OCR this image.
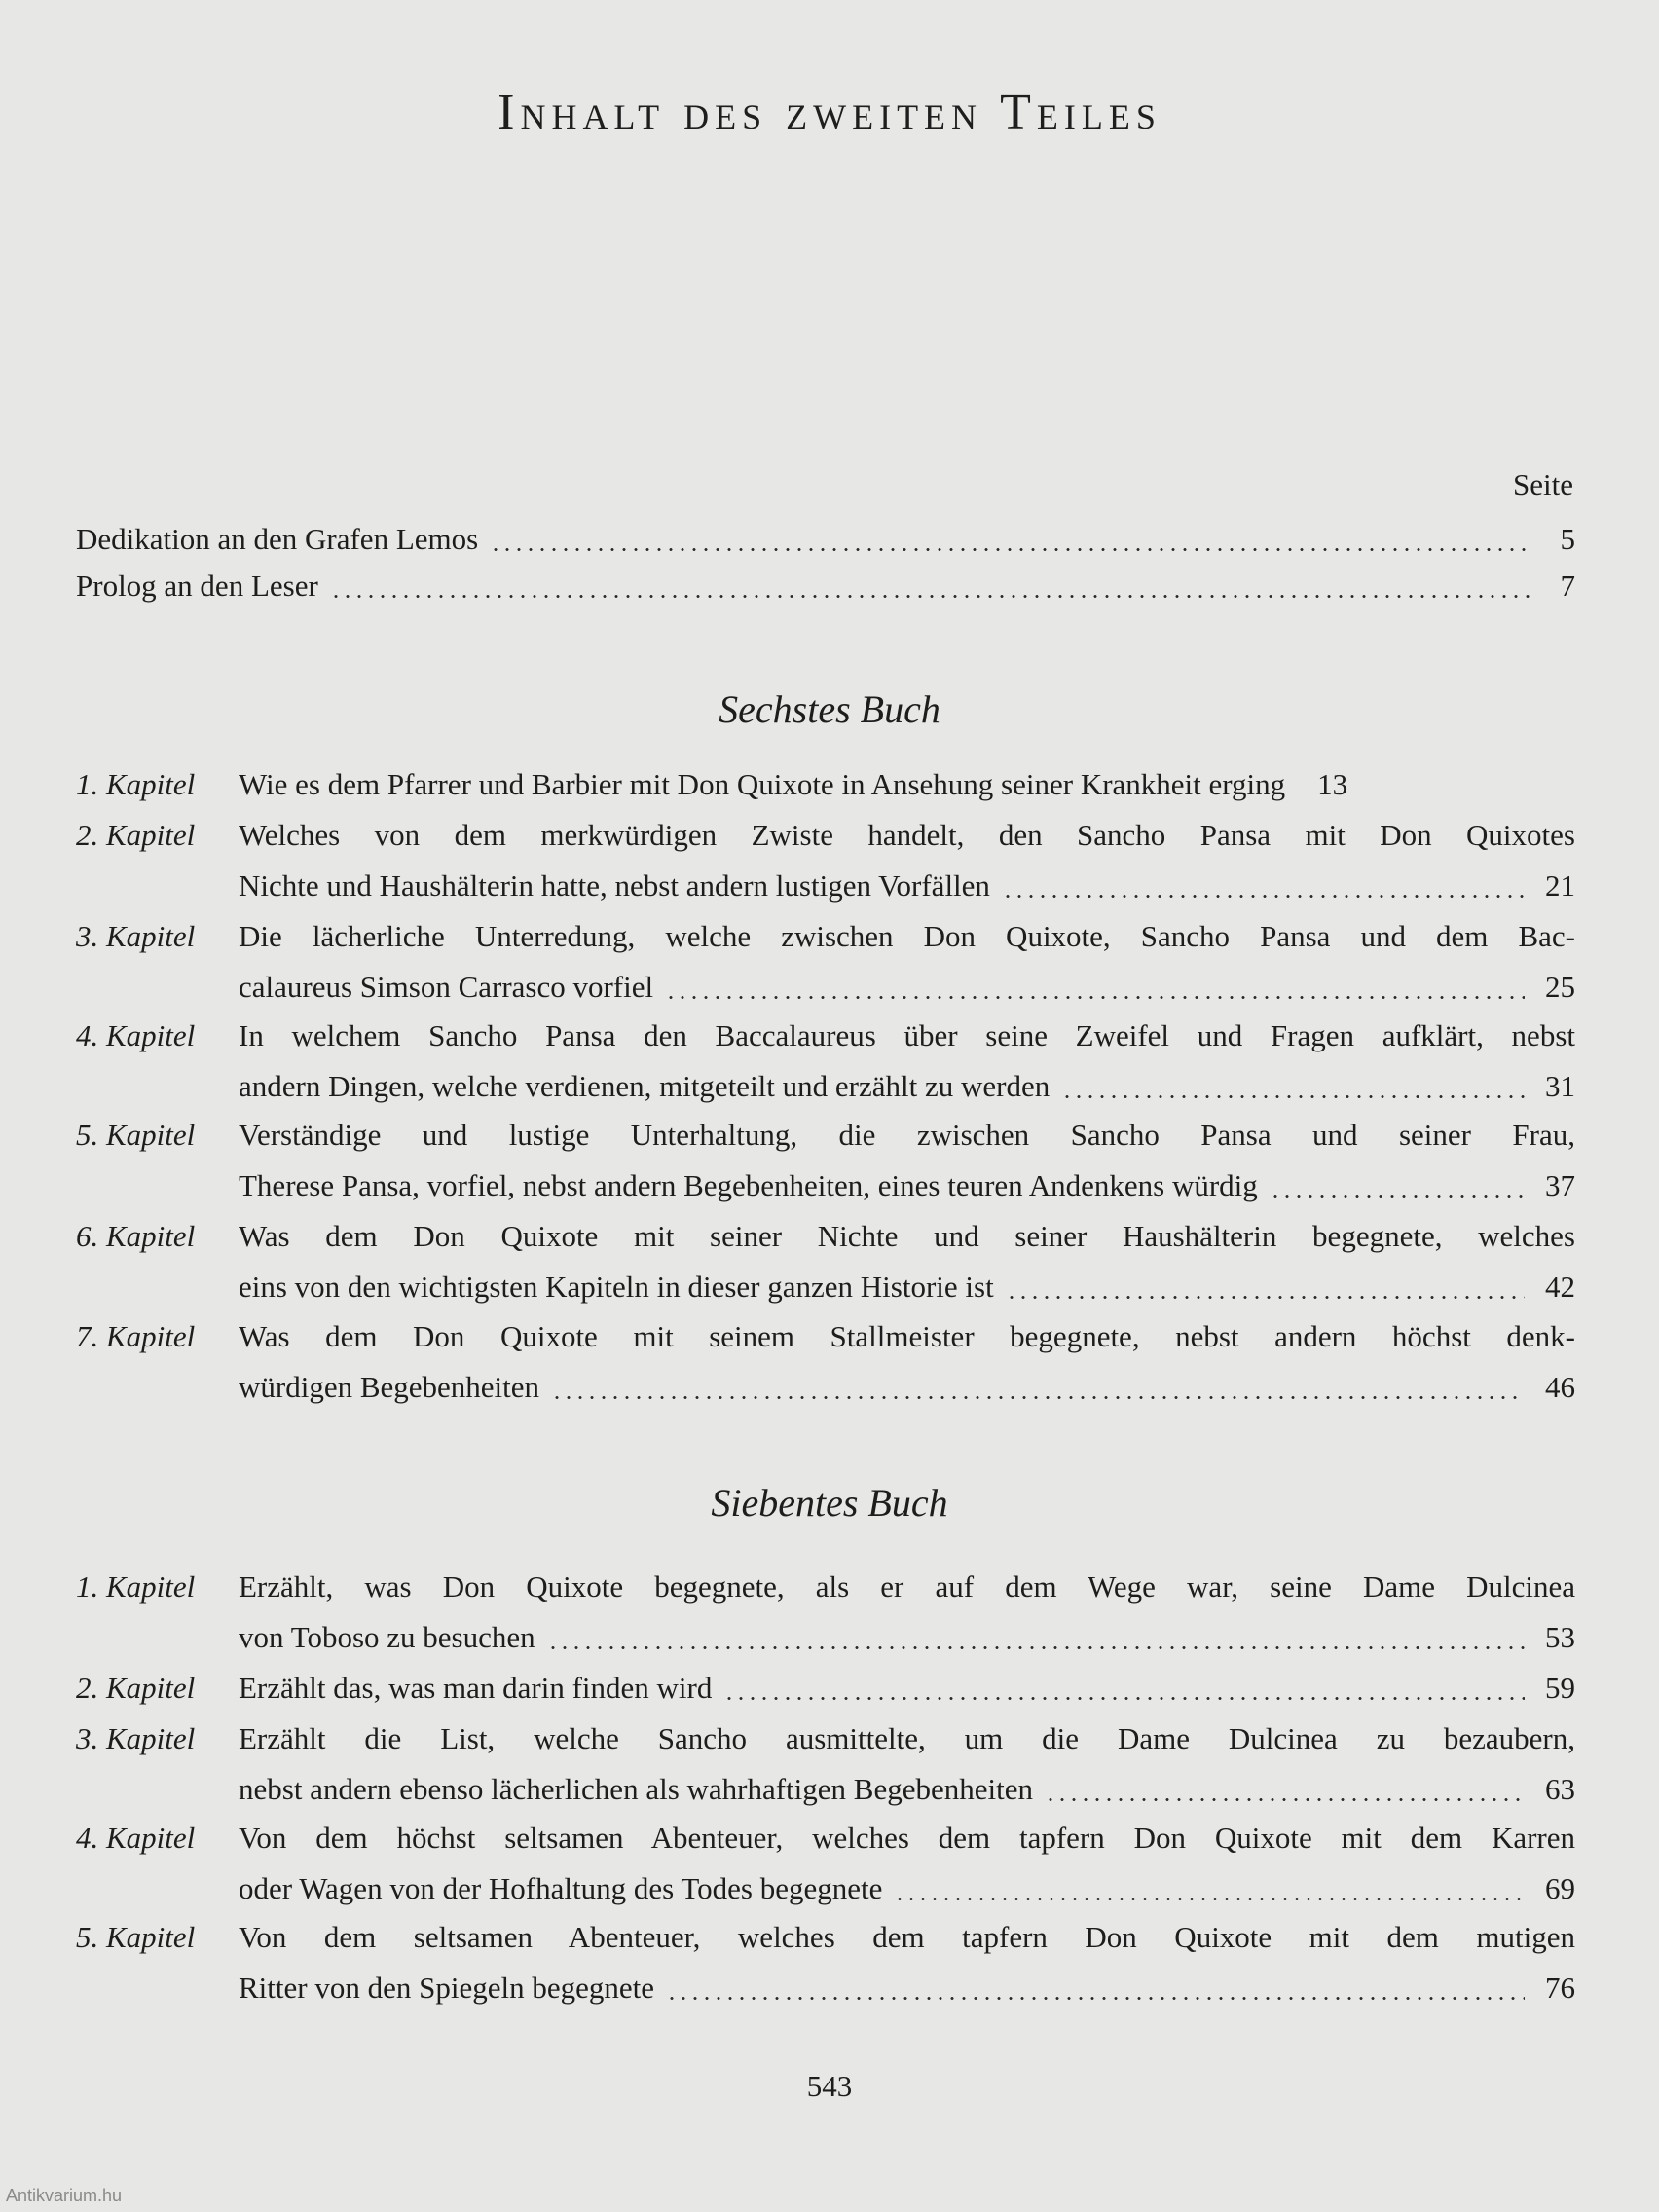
Inhalt des zweiten Teiles
Seite
Dedikation an den Grafen Lemos	5
Prolog an den Leser	7
Sechstes Buch
1. Kapitel Wie es dem Pfarrer und Barbier mit Don Quixote in Ansehung seiner Krankheit erging 13
2. Kapitel Welches von dem merkwürdigen Zwiste handelt, den Sancho Pansa mit Don Quixotes
Nichte und Haushälterin hatte, nebst andern lustigen Vorfällen	21
3. Kapitel Die lächerliche Unterredung, welche zwischen Don Quixote, Sancho Pansa und dem Bac-
calaureus Simson Carrasco vorfiel	25
4. Kapitel In welchem Sancho Pansa den Baccalaureus über seine Zweifel und Fragen aufklärt, nebst
andern Dingen, welche verdienen, mitgeteilt und erzählt zu werden	31
5. Kapitel Verständige und lustige Unterhaltung, die zwischen Sancho Pansa und seiner Frau,
Therese Pansa, vorfiel, nebst andern Begebenheiten, eines teuren Andenkens würdig	37
6. Kapitel Was dem Don Quixote mit seiner Nichte und seiner Haushälterin begegnete, welches
eins von den wichtigsten Kapiteln in dieser ganzen Historie ist	42
7. Kapitel Was dem Don Quixote mit seinem Stallmeister begegnete, nebst andern höchst denk-
würdigen Begebenheiten	46
Siebentes Buch
1. Kapitel Erzählt, was Don Quixote begegnete, als er auf dem Wege war, seine Dame Dulcinea
von Toboso zu besuchen	53
2. Kapitel Erzählt das, was man darin finden wird	59
3. Kapitel Erzählt die List, welche Sancho ausmittelte, um die Dame Dulcinea zu bezaubern,
nebst andern ebenso lächerlichen als wahrhaftigen Begebenheiten	63
4. Kapitel Von dem höchst seltsamen Abenteuer, welches dem tapfern Don Quixote mit dem Karren
oder Wagen von der Hofhaltung des Todes begegnete	69
5. Kapitel Von dem seltsamen Abenteuer, welches dem tapfern Don Quixote mit dem mutigen
Ritter von den Spiegeln begegnete	76
543
Antikvarium.hu
